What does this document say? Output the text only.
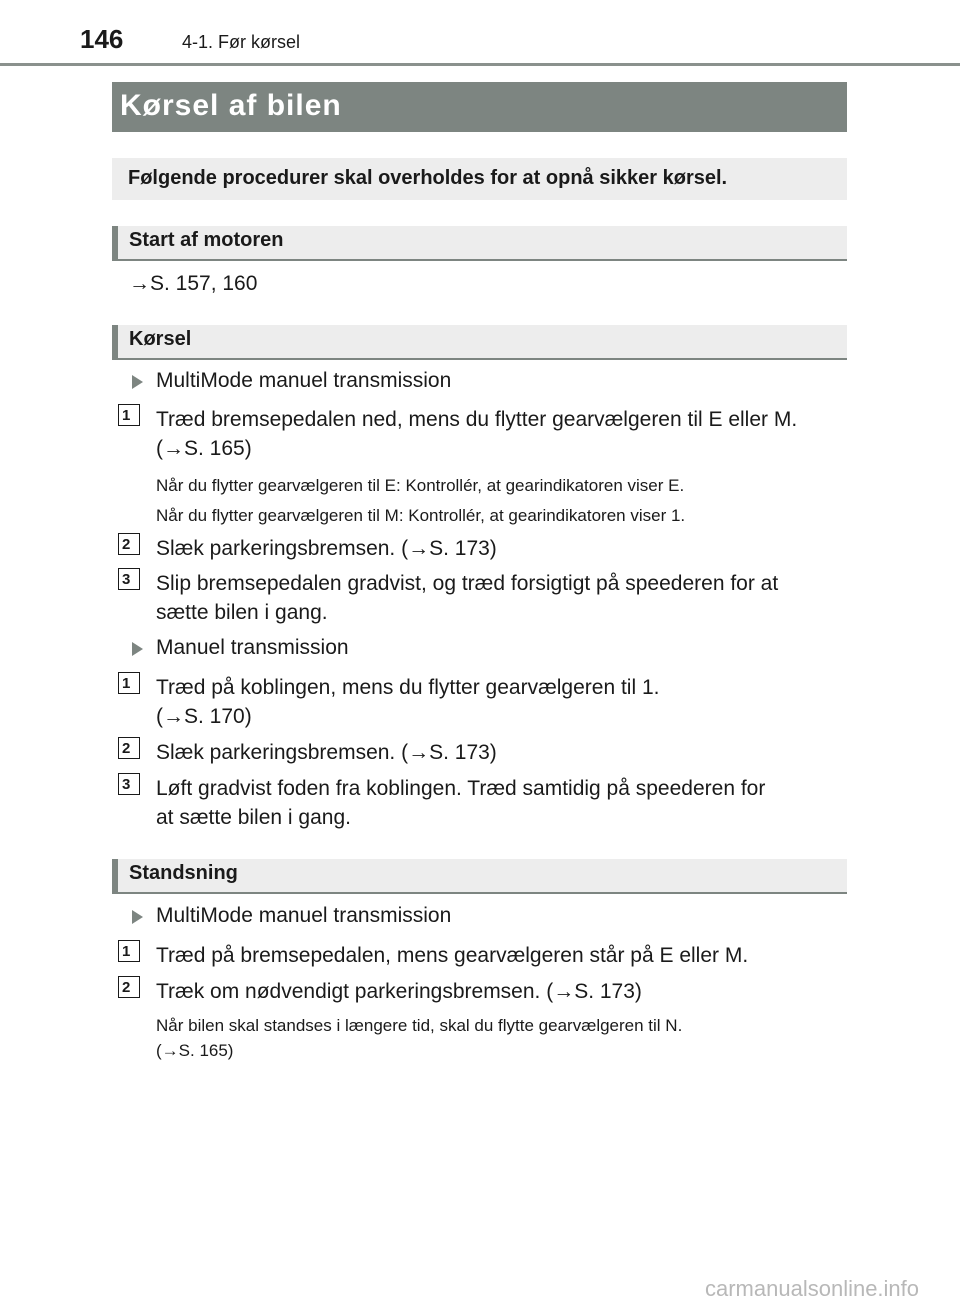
146	4-1. Før kørsel
Kørsel af bilen
Følgende procedurer skal overholdes for at opnå sikker kørsel.
Start af motoren
→S. 157, 160
Kørsel
MultiMode manuel transmission
1	Træd bremsepedalen ned, mens du flytter gearvælgeren til E eller M.
(→S. 165)
Når du flytter gearvælgeren til E: Kontrollér, at gearindikatoren viser E.
Når du flytter gearvælgeren til M: Kontrollér, at gearindikatoren viser 1.
2	Slæk parkeringsbremsen. (→S. 173)
3	Slip bremsepedalen gradvist, og træd forsigtigt på speederen for at
sætte bilen i gang.
Manuel transmission
1	Træd på koblingen, mens du flytter gearvælgeren til 1.
(→S. 170)
2	Slæk parkeringsbremsen. (→S. 173)
3	Løft gradvist foden fra koblingen. Træd samtidig på speederen for
at sætte bilen i gang.
Standsning
MultiMode manuel transmission
1	Træd på bremsepedalen, mens gearvælgeren står på E eller M.
2	Træk om nødvendigt parkeringsbremsen. (→S. 173)
Når bilen skal standses i længere tid, skal du flytte gearvælgeren til N.
(→S. 165)
carmanualsonline.info
